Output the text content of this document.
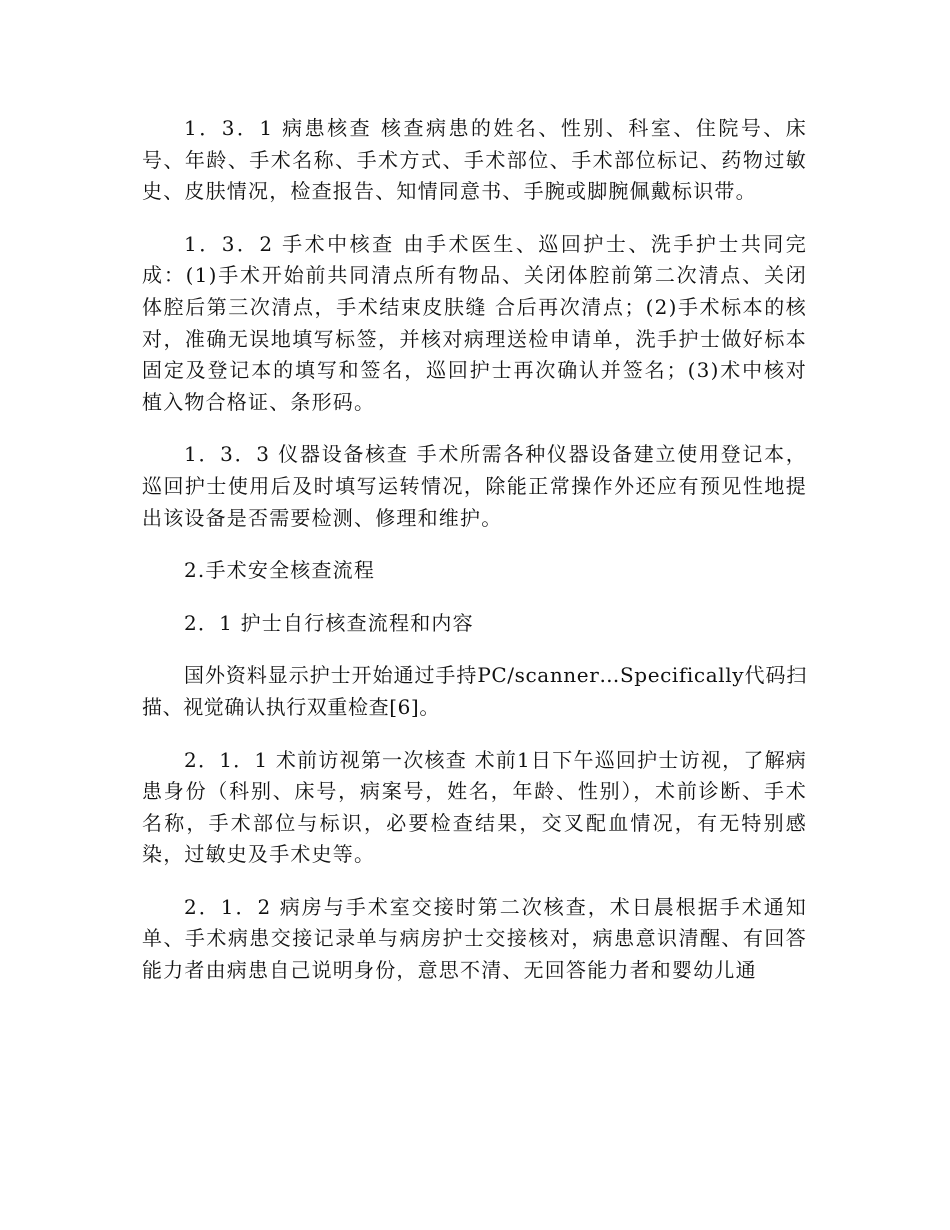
1．3．1 病患核查 核查病患的姓名、性别、科室、住院号、床号、年龄、手术名称、手术方式、手术部位、手术部位标记、药物过敏史、皮肤情况，检查报告、知情同意书、手腕或脚腕佩戴标识带。

1．3．2 手术中核查 由手术医生、巡回护士、洗手护士共同完成：(1)手术开始前共同清点所有物品、关闭体腔前第二次清点、关闭体腔后第三次清点，手术结束皮肤缝 合后再次清点；(2)手术标本的核对，准确无误地填写标签，并核对病理送检申请单，洗手护士做好标本固定及登记本的填写和签名，巡回护士再次确认并签名；(3)术中核对植入物合格证、条形码。

1．3．3 仪器设备核查 手术所需各种仪器设备建立使用登记本，巡回护士使用后及时填写运转情况，除能正常操作外还应有预见性地提出该设备是否需要检测、修理和维护。

2.手术安全核查流程

2．1 护士自行核查流程和内容

国外资料显示护士开始通过手持PC/scanner…Specifically代码扫描、视觉确认执行双重检查[6]。

2．1．1 术前访视第一次核查 术前1日下午巡回护士访视，了解病患身份（科别、床号，病案号，姓名，年龄、性别），术前诊断、手术名称，手术部位与标识，必要检查结果，交叉配血情况，有无特别感染，过敏史及手术史等。

2．1．2 病房与手术室交接时第二次核查，术日晨根据手术通知单、手术病患交接记录单与病房护士交接核对，病患意识清醒、有回答能力者由病患自己说明身份，意思不清、无回答能力者和婴幼儿通
